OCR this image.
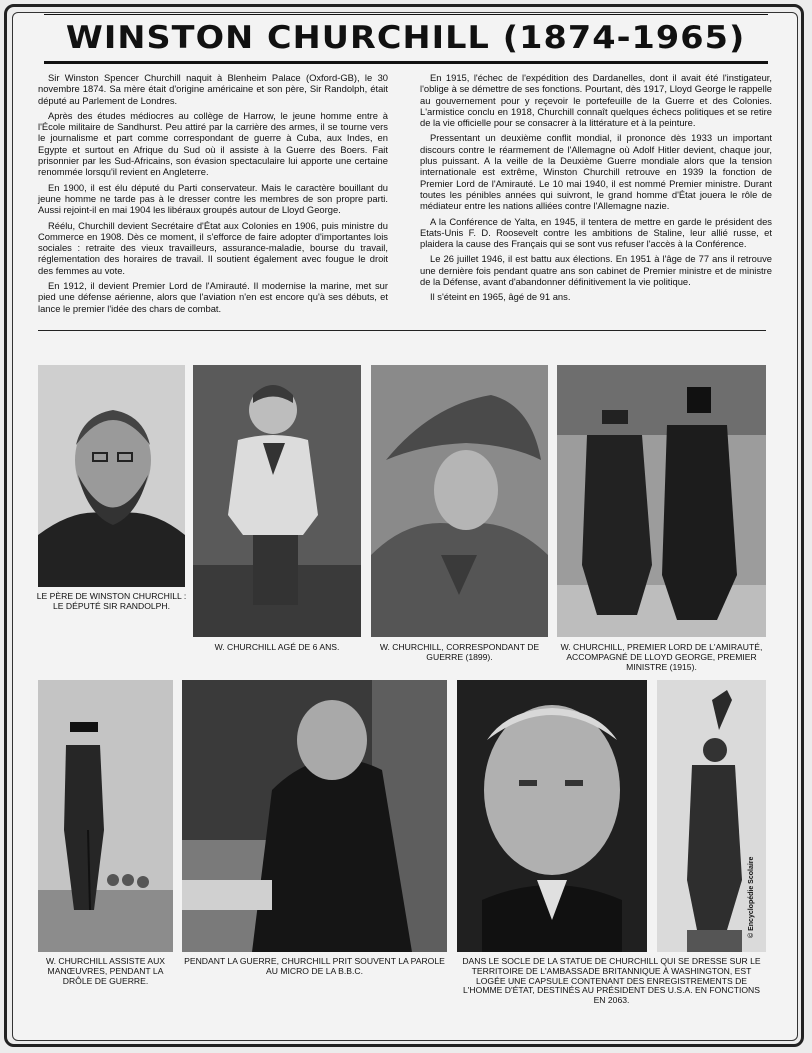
WINSTON CHURCHILL (1874-1965)

Sir Winston Spencer Churchill naquit à Blenheim Palace (Oxford-GB), le 30 novembre 1874. Sa mère était d'origine américaine et son père, Sir Randolph, était député au Parlement de Londres.

Après des études médiocres au collège de Harrow, le jeune homme entre à l'École militaire de Sandhurst. Peu attiré par la carrière des armes, il se tourne vers le journalisme et part comme correspondant de guerre à Cuba, aux Indes, en Egypte et surtout en Afrique du Sud où il assiste à la Guerre des Boers. Fait prisonnier par les Sud-Africains, son évasion spectaculaire lui apporte une certaine renommée lorsqu'il revient en Angleterre.

En 1900, il est élu député du Parti conservateur. Mais le caractère bouillant du jeune homme ne tarde pas à le dresser contre les membres de son propre parti. Aussi rejoint-il en mai 1904 les libéraux groupés autour de Lloyd George.

Réélu, Churchill devient Secrétaire d'État aux Colonies en 1906, puis ministre du Commerce en 1908. Dès ce moment, il s'efforce de faire adopter d'importantes lois sociales : retraite des vieux travailleurs, assurance-maladie, bourse du travail, réglementation des horaires de travail. Il soutient également avec fougue le droit des femmes au vote.

En 1912, il devient Premier Lord de l'Amirauté. Il modernise la marine, met sur pied une défense aérienne, alors que l'aviation n'en est encore qu'à ses débuts, et lance le premier l'idée des chars de combat.

En 1915, l'échec de l'expédition des Dardanelles, dont il avait été l'instigateur, l'oblige à se démettre de ses fonctions. Pourtant, dès 1917, Lloyd George le rappelle au gouvernement pour y reçevoir le portefeuille de la Guerre et des Colonies. L'armistice conclu en 1918, Churchill connaît quelques échecs politiques et se retire de la vie officielle pour se consacrer à la littérature et à la peinture.

Pressentant un deuxième conflit mondial, il prononce dès 1933 un important discours contre le réarmement de l'Allemagne où Adolf Hitler devient, chaque jour, plus puissant. A la veille de la Deuxième Guerre mondiale alors que la tension internationale est extrême, Winston Churchill retrouve en 1939 la fonction de Premier Lord de l'Amirauté. Le 10 mai 1940, il est nommé Premier ministre. Durant toutes les pénibles années qui suivront, le grand homme d'État jouera le rôle de médiateur entre les nations alliées contre l'Allemagne nazie.

A la Conférence de Yalta, en 1945, il tentera de mettre en garde le président des Etats-Unis F. D. Roosevelt contre les ambitions de Staline, leur allié russe, et plaidera la cause des Français qui se sont vus refuser l'accès à la Conférence.

Le 26 juillet 1946, il est battu aux élections. En 1951 à l'âge de 77 ans il retrouve une dernière fois pendant quatre ans son cabinet de Premier ministre et de ministre de la Défense, avant d'abandonner définitivement la vie politique.

Il s'éteint en 1965, âgé de 91 ans.

LE PÈRE DE WINSTON CHURCHILL : LE DÉPUTÉ SIR RANDOLPH.
W. CHURCHILL AGÉ DE 6 ANS.	W. CHURCHILL, CORRESPONDANT DE GUERRE (1899).
W. CHURCHILL, PREMIER LORD DE L'AMIRAUTÉ, ACCOMPAGNÉ DE LLOYD GEORGE, PREMIER MINISTRE (1915).
W. CHURCHILL ASSISTE AUX MANŒUVRES, PENDANT LA DRÔLE DE GUERRE.
PENDANT LA GUERRE, CHURCHILL PRIT SOUVENT LA PAROLE AU MICRO DE LA B.B.C.
DANS LE SOCLE DE LA STATUE DE CHURCHILL QUI SE DRESSE SUR LE TERRITOIRE DE L'AMBASSADE BRITANNIQUE À WASHINGTON, EST LOGÉE UNE CAPSULE CONTENANT DES ENREGISTREMENTS DE L'HOMME D'ÉTAT, DESTINÉS AU PRÉSIDENT DES U.S.A. EN FONCTIONS EN 2063.
© Encyclopédie Scolaire
